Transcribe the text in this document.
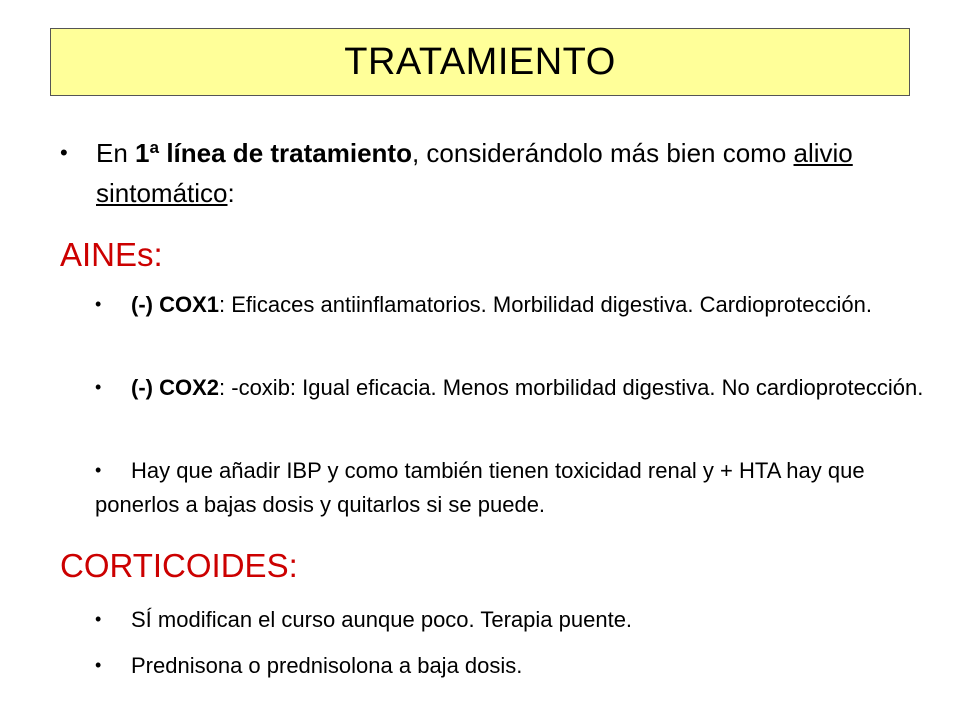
TRATAMIENTO
• En 1ª línea de tratamiento, considerándolo más bien como alivio sintomático:
AINEs:
• (-) COX1: Eficaces antiinflamatorios. Morbilidad digestiva. Cardioprotección.
• (-) COX2: -coxib: Igual eficacia. Menos morbilidad digestiva. No cardioprotección.
• Hay que añadir IBP y como también tienen toxicidad renal y + HTA hay que ponerlos a bajas dosis y quitarlos si se puede.
CORTICOIDES:
• SÍ modifican el curso aunque poco. Terapia puente.
• Prednisona o prednisolona a baja dosis.
